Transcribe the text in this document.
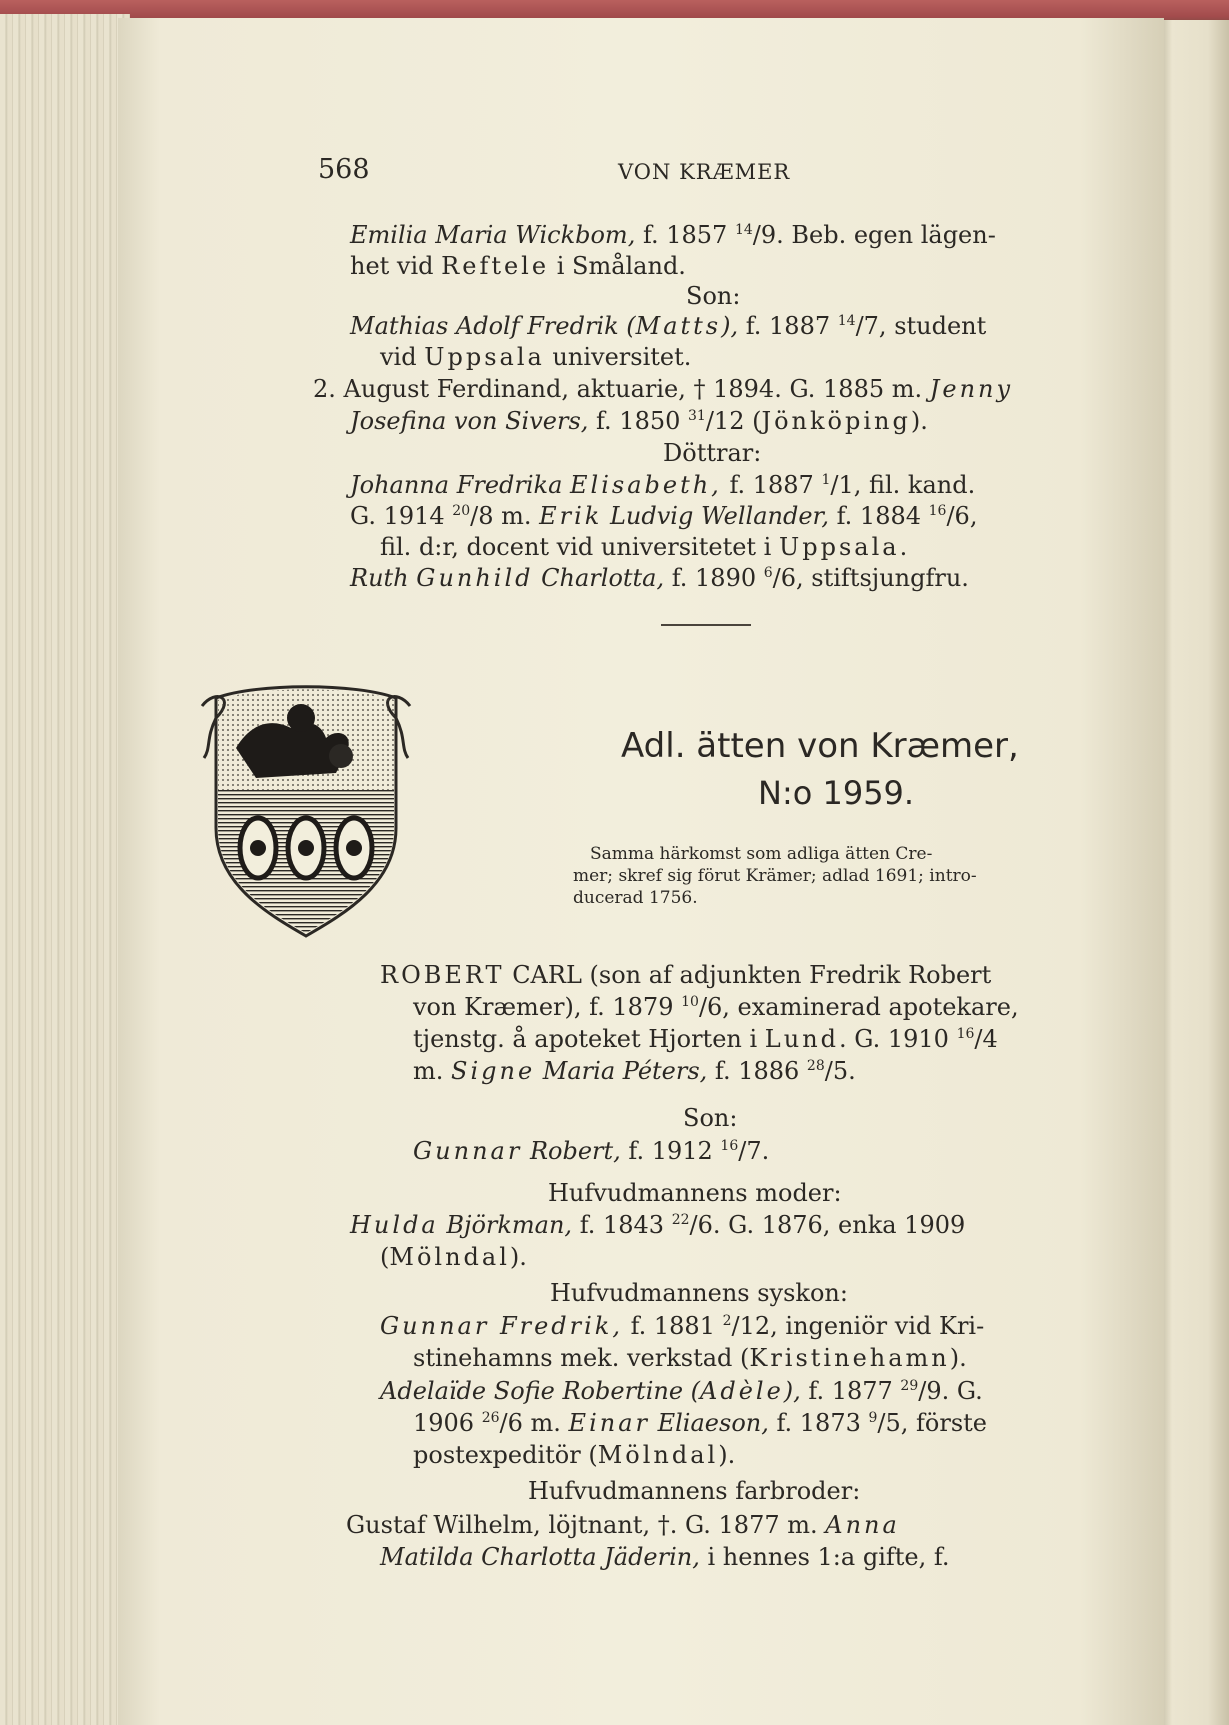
568	VON KRÆMER
Emilia Maria Wickbom, f. 1857 $^{14}$/9. Beb. egen lägen-
het vid Reftele i Småland.
Son:
Mathias Adolf Fredrik (Matts), f. 1887 $^{14}$/7, student
vid Uppsala universitet.
2. August Ferdinand, aktuarie, † 1894. G. 1885 m. Jenny
Josefina von Sivers, f. 1850 $^{31}$/12 (Jönköping).
Döttrar:
Johanna Fredrika Elisabeth, f. 1887 $^1$/1, fil. kand.
G. 1914 $^{20}$/8 m. Erik Ludvig Wellander, f. 1884 $^{16}$/6,
fil. d:r, docent vid universitetet i Uppsala.
Ruth Gunhild Charlotta, f. 1890 $^6$/6, stiftsjungfru.
Adl. ätten von Kræmer,
N:o 1959.
Samma härkomst som adliga ätten Cre-
mer; skref sig förut Krämer; adlad 1691; intro-
ducerad 1756.
ROBERT CARL (son af adjunkten Fredrik Robert
von Kræmer), f. 1879 $^{10}$/6, examinerad apotekare,
tjenstg. å apoteket Hjorten i Lund. G. 1910 $^{16}$/4
m. Signe Maria Péters, f. 1886 $^{28}$/5.
Son:
Gunnar Robert, f. 1912 $^{16}$/7.
Hufvudmannens moder:
Hulda Björkman, f. 1843 $^{22}$/6. G. 1876, enka 1909
(Mölndal).
Hufvudmannens syskon:
Gunnar Fredrik, f. 1881 $^2$/12, ingeniör vid Kri-
stinehamns mek. verkstad (Kristinehamn).
Adelaïde Sofie Robertine (Adèle), f. 1877 $^{29}$/9. G.
1906 $^{26}$/6 m. Einar Eliaeson, f. 1873 $^9$/5, förste
postexpeditör (Mölndal).
Hufvudmannens farbroder:
Gustaf Wilhelm, löjtnant, †. G. 1877 m. Anna
Matilda Charlotta Jäderin, i hennes 1:a gifte, f.
